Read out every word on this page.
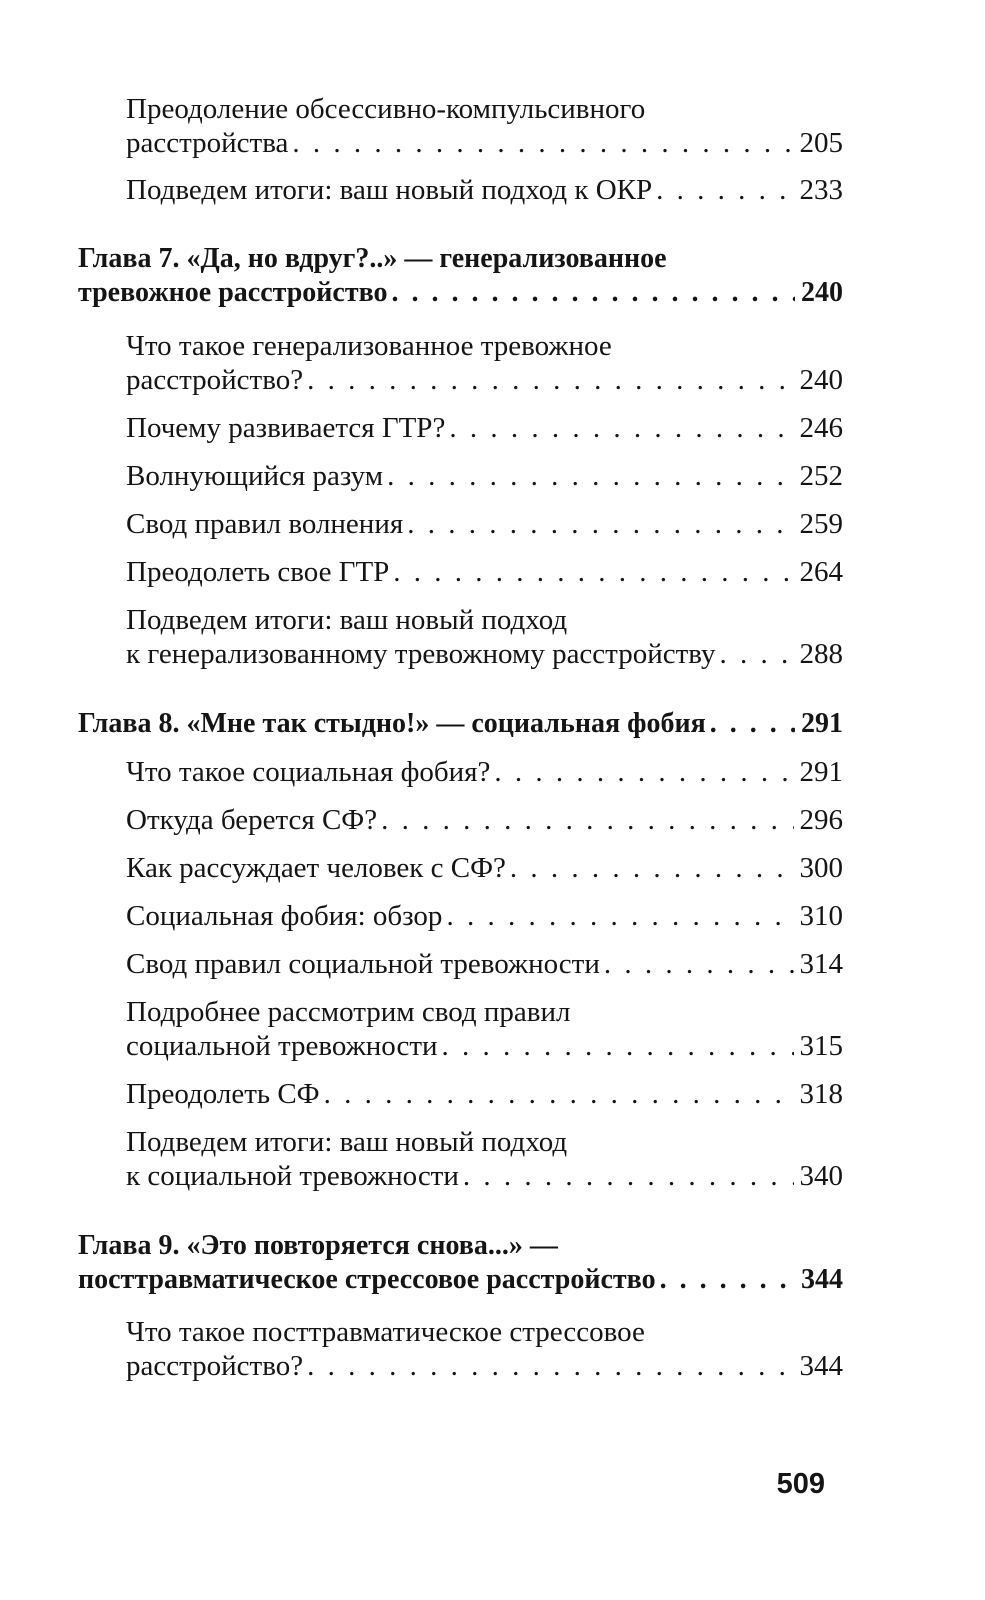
Преодоление обсессивно-компульсивного
расстройства . . .	205
Подведем итоги: ваш новый подход к ОКР . . .	233
Глава 7. «Да, но вдруг?..» — генерализованное
тревожное расстройство . . .	240
Что такое генерализованное тревожное
расстройство? . . .	240
Почему развивается ГТР? . . .	246
Волнующийся разум . . .	252
Свод правил волнения . . .	259
Преодолеть свое ГТР . . .	264
Подведем итоги: ваш новый подход
к генерализованному тревожному расстройству . . .	288
Глава 8. «Мне так стыдно!» — социальная фобия . . .	291
Что такое социальная фобия? . . .	291
Откуда берется СФ? . . .	296
Как рассуждает человек с СФ? . . .	300
Социальная фобия: обзор . . .	310
Свод правил социальной тревожности . . .	314
Подробнее рассмотрим свод правил
социальной тревожности . . .	315
Преодолеть СФ . . .	318
Подведем итоги: ваш новый подход
к социальной тревожности . . .	340
Глава 9. «Это повторяется снова...» —
посттравматическое стрессовое расстройство . . .	344
Что такое посттравматическое стрессовое
расстройство? . . .	344
509
